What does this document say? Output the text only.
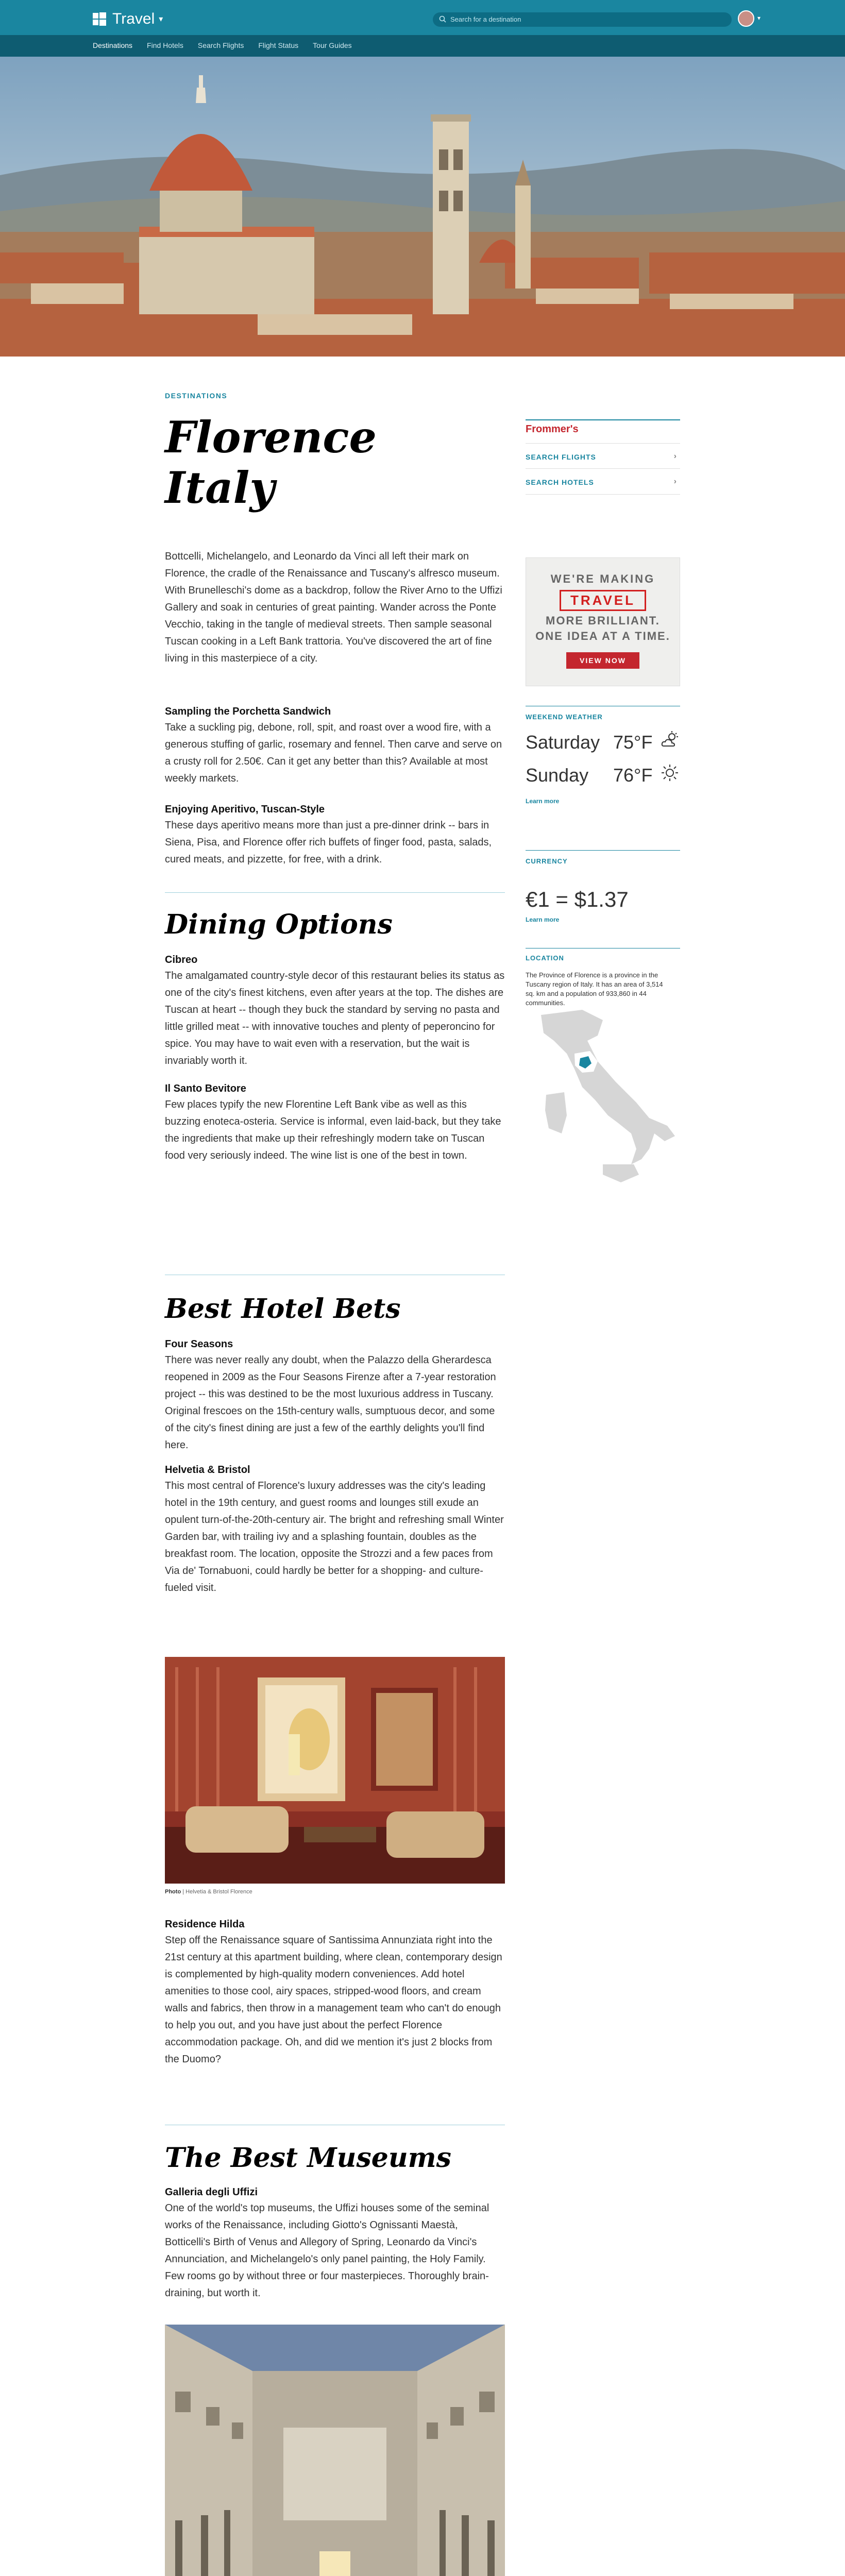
Travel ▾	Search for a destination	▾
Destinations Find Hotels Search Flights Flight Status Tour Guides
DESTINATIONS
Florence
Italy

Bottcelli, Michelangelo, and Leonardo da Vinci all left their mark on Florence, the cradle of the Renaissance and Tuscany's alfresco museum. With Brunelleschi's dome as a backdrop, follow the River Arno to the Uffizi Gallery and soak in centuries of great painting. Wander across the Ponte Vecchio, taking in the tangle of medieval streets. Then sample seasonal Tuscan cooking in a Left Bank trattoria. You've discovered the art of fine living in this masterpiece of a city.

Sampling the Porchetta Sandwich

Take a suckling pig, debone, roll, spit, and roast over a wood fire, with a generous stuffing of garlic, rosemary and fennel. Then carve and serve on a crusty roll for 2.50€. Can it get any better than this? Available at most weekly markets.

Enjoying Aperitivo, Tuscan-Style

These days aperitivo means more than just a pre-dinner drink -- bars in Siena, Pisa, and Florence offer rich buffets of finger food, pasta, salads, cured meats, and pizzette, for free, with a drink.

Dining Options
Cibreo

The amalgamated country-style decor of this restaurant belies its status as one of the city's finest kitchens, even after years at the top. The dishes are Tuscan at heart -- though they buck the standard by serving no pasta and little grilled meat -- with innovative touches and plenty of peperoncino for spice. You may have to wait even with a reservation, but the wait is invariably worth it.

Il Santo Bevitore

Few places typify the new Florentine Left Bank vibe as well as this buzzing enoteca-osteria. Service is informal, even laid-back, but they take the ingredients that make up their refreshingly modern take on Tuscan food very seriously indeed. The wine list is one of the best in town.

Best Hotel Bets
Four Seasons

There was never really any doubt, when the Palazzo della Gherardesca reopened in 2009 as the Four Seasons Firenze after a 7-year restoration project -- this was destined to be the most luxurious address in Tuscany. Original frescoes on the 15th-century walls, sumptuous decor, and some of the city's finest dining are just a few of the earthly delights you'll find here.

Helvetia & Bristol

This most central of Florence's luxury addresses was the city's leading hotel in the 19th century, and guest rooms and lounges still exude an opulent turn-of-the-20th-century air. The bright and refreshing small Winter Garden bar, with trailing ivy and a splashing fountain, doubles as the breakfast room. The location, opposite the Strozzi and a few paces from Via de' Tornabuoni, could hardly be better for a shopping- and culture-fueled visit.

Photo | Helvetia & Bristol Florence
Residence Hilda

Step off the Renaissance square of Santissima Annunziata right into the 21st century at this apartment building, where clean, contemporary design is complemented by high-quality modern conveniences. Add hotel amenities to those cool, airy spaces, stripped-wood floors, and cream walls and fabrics, then throw in a management team who can't do enough to help you out, and you have just about the perfect Florence accommodation package. Oh, and did we mention it's just 2 blocks from the Duomo?

The Best Museums
Galleria degli Uffizi

One of the world's top museums, the Uffizi houses some of the seminal works of the Renaissance, including Giotto's Ognissanti Maestà, Botticelli's Birth of Venus and Allegory of Spring, Leonardo da Vinci's Annunciation, and Michelangelo's only panel painting, the Holy Family. Few rooms go by without three or four masterpieces. Thoroughly brain-draining, but worth it.

Frommer's
SEARCH FLIGHTS	›
SEARCH HOTELS	›
WE'RE MAKING
TRAVEL
MORE BRILLIANT.
ONE IDEA AT A TIME.
VIEW NOW
WEEKEND WEATHER
Saturday 75°F
Sunday 76°F
Learn more
CURRENCY
€1 = $1.37
Learn more
LOCATION

The Province of Florence is a province in the Tuscany region of Italy. It has an area of 3,514 sq. km and a population of 933,860 in 44 communities.
